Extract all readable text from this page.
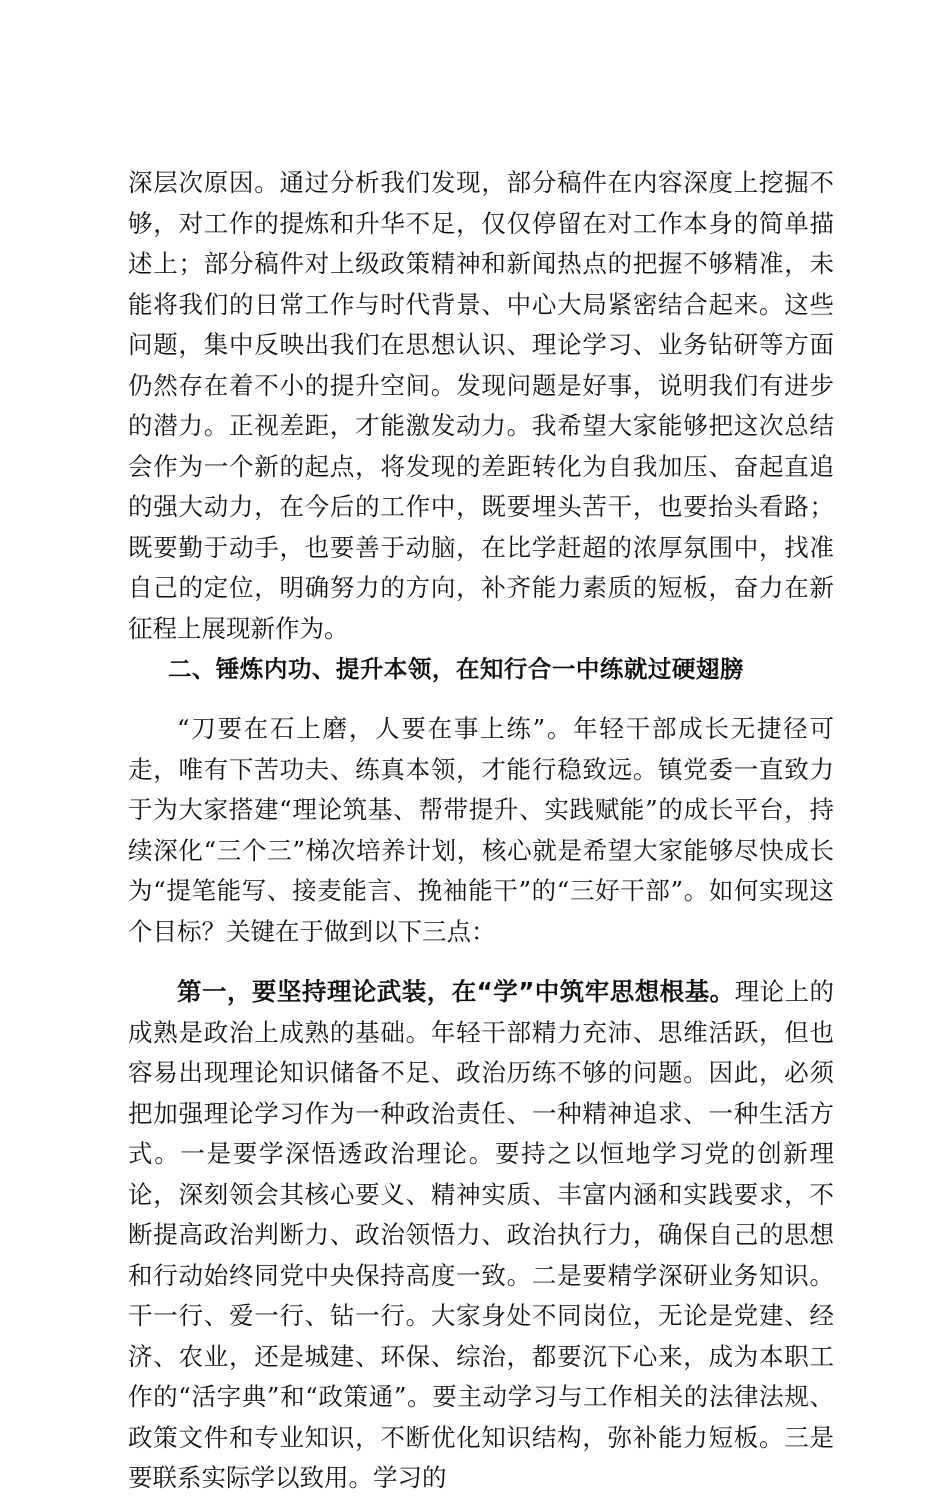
深层次原因。通过分析我们发现，部分稿件在内容深度上挖掘不够，对工作的提炼和升华不足，仅仅停留在对工作本身的简单描述上；部分稿件对上级政策精神和新闻热点的把握不够精准，未能将我们的日常工作与时代背景、中心大局紧密结合起来。这些问题，集中反映出我们在思想认识、理论学习、业务钻研等方面仍然存在着不小的提升空间。发现问题是好事，说明我们有进步的潜力。正视差距，才能激发动力。我希望大家能够把这次总结会作为一个新的起点，将发现的差距转化为自我加压、奋起直追的强大动力，在今后的工作中，既要埋头苦干，也要抬头看路；既要勤于动手，也要善于动脑，在比学赶超的浓厚氛围中，找准自己的定位，明确努力的方向，补齐能力素质的短板，奋力在新征程上展现新作为。

二、锤炼内功、提升本领，在知行合一中练就过硬翅膀

“刀要在石上磨，人要在事上练”。年轻干部成长无捷径可走，唯有下苦功夫、练真本领，才能行稳致远。镇党委一直致力于为大家搭建“理论筑基、帮带提升、实践赋能”的成长平台，持续深化“三个三”梯次培养计划，核心就是希望大家能够尽快成长为“提笔能写、接麦能言、挽袖能干”的“三好干部”。如何实现这个目标？关键在于做到以下三点：

第一，要坚持理论武装，在“学”中筑牢思想根基。理论上的成熟是政治上成熟的基础。年轻干部精力充沛、思维活跃，但也容易出现理论知识储备不足、政治历练不够的问题。因此，必须把加强理论学习作为一种政治责任、一种精神追求、一种生活方式。一是要学深悟透政治理论。要持之以恒地学习党的创新理论，深刻领会其核心要义、精神实质、丰富内涵和实践要求，不断提高政治判断力、政治领悟力、政治执行力，确保自己的思想和行动始终同党中央保持高度一致。二是要精学深研业务知识。干一行、爱一行、钻一行。大家身处不同岗位，无论是党建、经济、农业，还是城建、环保、综治，都要沉下心来，成为本职工作的“活字典”和“政策通”。要主动学习与工作相关的法律法规、政策文件和专业知识，不断优化知识结构，弥补能力短板。三是要联系实际学以致用。学习的
